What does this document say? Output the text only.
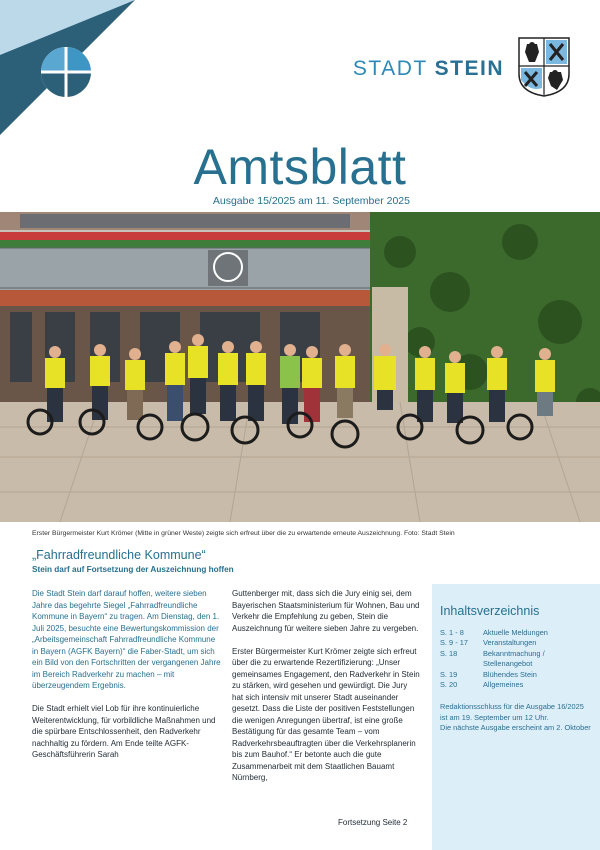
STADT STEIN
Amtsblatt
Ausgabe 15/2025 am 11. September 2025
Erster Bürgermeister Kurt Krömer (Mitte in grüner Weste) zeigte sich erfreut über die zu erwartende erneute Auszeichnung. Foto: Stadt Stein
„Fahrradfreundliche Kommune“
Stein darf auf Fortsetzung der Auszeichnung hoffen

Die Stadt Stein darf darauf hoffen, weitere sieben Jahre das begehrte Siegel „Fahrradfreundliche Kommune in Bayern“ zu tragen. Am Dienstag, den 1. Juli 2025, besuchte eine Bewertungskommission der „Arbeitsgemeinschaft Fahrradfreundliche Kommune in Bayern (AGFK Bayern)“ die Faber-Stadt, um sich ein Bild von den Fortschritten der vergangenen Jahre im Bereich Radverkehr zu machen – mit überzeugendem Ergebnis.

Die Stadt erhielt viel Lob für ihre kontinuierliche Weiterentwicklung, für vorbildliche Maßnahmen und die spürbare Entschlossenheit, den Radverkehr nachhaltig zu fördern. Am Ende teilte AGFK-Geschäftsführerin Sarah

Guttenberger mit, dass sich die Jury einig sei, dem Bayerischen Staatsministerium für Wohnen, Bau und Verkehr die Empfehlung zu geben, Stein die Auszeichnung für weitere sieben Jahre zu vergeben.

Erster Bürgermeister Kurt Krömer zeigte sich erfreut über die zu erwartende Rezertifizierung: „Unser gemeinsames Engagement, den Radverkehr in Stein zu stärken, wird gesehen und gewürdigt. Die Jury hat sich intensiv mit unserer Stadt auseinander gesetzt. Dass die Liste der positiven Feststellungen die wenigen Anregungen übertraf, ist eine große Bestätigung für das gesamte Team – vom Radverkehrsbeauftragten über die Verkehrsplanerin bis zum Bauhof.“ Er betonte auch die gute Zusammenarbeit mit dem Staatlichen Bauamt Nürnberg,

Fortsetzung Seite 2
Inhaltsverzeichnis
S. 1 - 8	Aktuelle Meldungen
S. 9 - 17	Veranstaltungen
S. 18	Bekanntmachung / Stellenangebot
S. 19	Blühendes Stein
S. 20	Allgemeines

Redaktionsschluss für die Ausgabe 16/2025 ist am 19. September um 12 Uhr.

Die nächste Ausgabe erscheint am 2. Oktober
